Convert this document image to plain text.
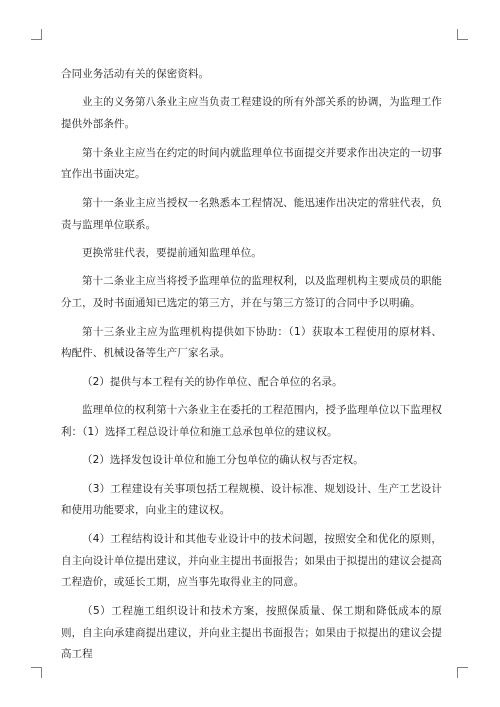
合同业务活动有关的保密资料。

业主的义务第八条业主应当负责工程建设的所有外部关系的协调，为监理工作提供外部条件。

第十条业主应当在约定的时间内就监理单位书面提交并要求作出决定的一切事宜作出书面决定。

第十一条业主应当授权一名熟悉本工程情况、能迅速作出决定的常驻代表，负责与监理单位联系。

更换常驻代表，要提前通知监理单位。

第十二条业主应当将授予监理单位的监理权利，以及监理机构主要成员的职能分工，及时书面通知已选定的第三方，并在与第三方签订的合同中予以明确。

第十三条业主应为监理机构提供如下协助：（1）获取本工程使用的原材料、构配件、机械设备等生产厂家名录。

（2）提供与本工程有关的协作单位、配合单位的名录。

监理单位的权利第十六条业主在委托的工程范围内，授予监理单位以下监理权利：（1）选择工程总设计单位和施工总承包单位的建议权。

（2）选择发包设计单位和施工分包单位的确认权与否定权。

（3）工程建设有关事项包括工程规模、设计标准、规划设计、生产工艺设计和使用功能要求，向业主的建议权。

（4）工程结构设计和其他专业设计中的技术问题，按照安全和优化的原则，自主向设计单位提出建议，并向业主提出书面报告；如果由于拟提出的建议会提高工程造价，或延长工期，应当事先取得业主的同意。

（5）工程施工组织设计和技术方案，按照保质量、保工期和降低成本的原则，自主向承建商提出建议，并向业主提出书面报告；如果由于拟提出的建议会提高工程
